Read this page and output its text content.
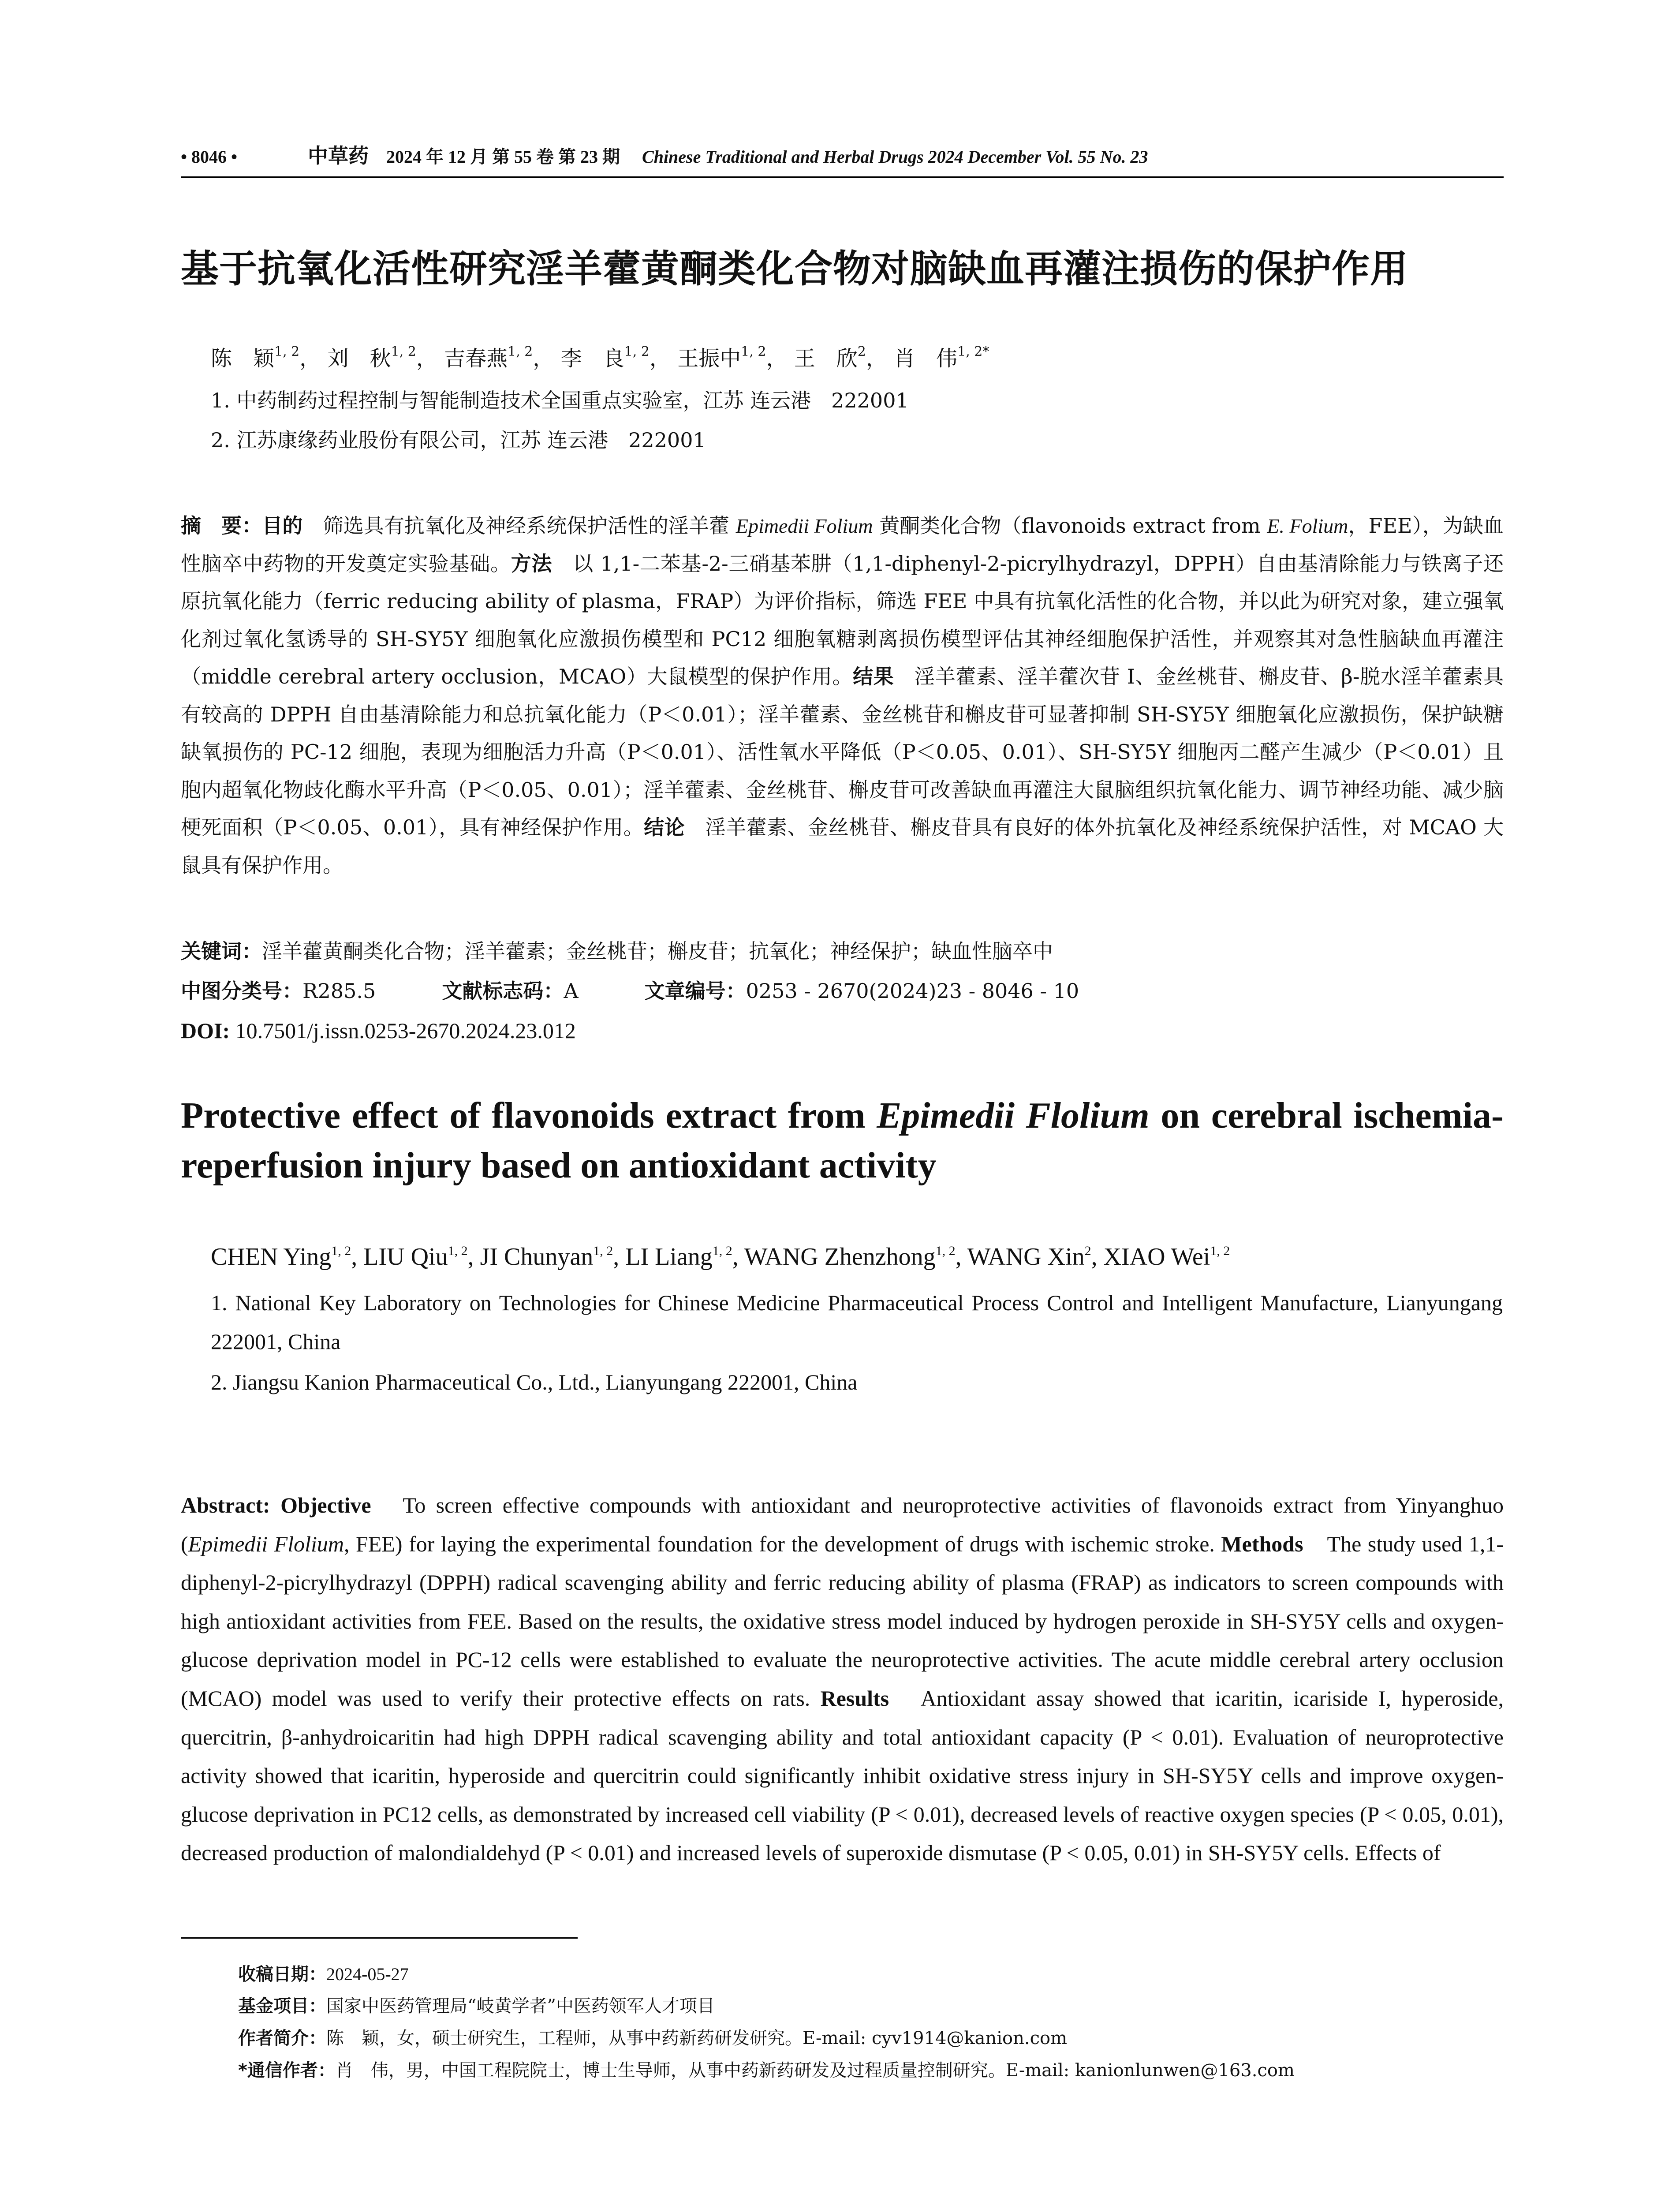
• 8046 •	中草药 2024 年 12 月 第 55 卷 第 23 期 Chinese Traditional and Herbal Drugs 2024 December Vol. 55 No. 23
基于抗氧化活性研究淫羊藿黄酮类化合物对脑缺血再灌注损伤的保护作用
陈　颖$^{1, 2}$， 刘　秋$^{1, 2}$， 吉春燕$^{1, 2}$， 李　良$^{1, 2}$， 王振中$^{1, 2}$， 王　欣$^2$， 肖　伟$^{1, 2*}$
1. 中药制药过程控制与智能制造技术全国重点实验室，江苏 连云港　222001
2. 江苏康缘药业股份有限公司，江苏 连云港　222001
摘　要：目的　筛选具有抗氧化及神经系统保护活性的淫羊藿 Epimedii Folium 黄酮类化合物（flavonoids extract from E. Folium，FEE），为缺血性脑卒中药物的开发奠定实验基础。方法　以 1,1-二苯基-2-三硝基苯肼（1,1-diphenyl-2-picrylhydrazyl，DPPH）自由基清除能力与铁离子还原抗氧化能力（ferric reducing ability of plasma，FRAP）为评价指标，筛选 FEE 中具有抗氧化活性的化合物，并以此为研究对象，建立强氧化剂过氧化氢诱导的 SH-SY5Y 细胞氧化应激损伤模型和 PC12 细胞氧糖剥离损伤模型评估其神经细胞保护活性，并观察其对急性脑缺血再灌注（middle cerebral artery occlusion，MCAO）大鼠模型的保护作用。结果　淫羊藿素、淫羊藿次苷 I、金丝桃苷、槲皮苷、β-脱水淫羊藿素具有较高的 DPPH 自由基清除能力和总抗氧化能力（P＜0.01）；淫羊藿素、金丝桃苷和槲皮苷可显著抑制 SH-SY5Y 细胞氧化应激损伤，保护缺糖缺氧损伤的 PC-12 细胞，表现为细胞活力升高（P＜0.01）、活性氧水平降低（P＜0.05、0.01）、SH-SY5Y 细胞丙二醛产生减少（P＜0.01）且胞内超氧化物歧化酶水平升高（P＜0.05、0.01）；淫羊藿素、金丝桃苷、槲皮苷可改善缺血再灌注大鼠脑组织抗氧化能力、调节神经功能、减少脑梗死面积（P＜0.05、0.01），具有神经保护作用。结论　淫羊藿素、金丝桃苷、槲皮苷具有良好的体外抗氧化及神经系统保护活性，对 MCAO 大鼠具有保护作用。
关键词：淫羊藿黄酮类化合物；淫羊藿素；金丝桃苷；槲皮苷；抗氧化；神经保护；缺血性脑卒中
中图分类号：R285.5	文献标志码：A	文章编号：0253 - 2670(2024)23 - 8046 - 10
DOI: 10.7501/j.issn.0253-2670.2024.23.012
Protective effect of flavonoids extract from Epimedii Flolium on cerebral ischemia-reperfusion injury based on antioxidant activity
CHEN Ying$^{1, 2}$, LIU Qiu$^{1, 2}$, JI Chunyan$^{1, 2}$, LI Liang$^{1, 2}$, WANG Zhenzhong$^{1, 2}$, WANG Xin$^2$, XIAO Wei$^{1, 2}$
1. National Key Laboratory on Technologies for Chinese Medicine Pharmaceutical Process Control and Intelligent Manufacture, Lianyungang 222001, China
2. Jiangsu Kanion Pharmaceutical Co., Ltd., Lianyungang 222001, China
Abstract: Objective　To screen effective compounds with antioxidant and neuroprotective activities of flavonoids extract from Yinyanghuo (Epimedii Flolium, FEE) for laying the experimental foundation for the development of drugs with ischemic stroke. Methods　The study used 1,1-diphenyl-2-picrylhydrazyl (DPPH) radical scavenging ability and ferric reducing ability of plasma (FRAP) as indicators to screen compounds with high antioxidant activities from FEE. Based on the results, the oxidative stress model induced by hydrogen peroxide in SH-SY5Y cells and oxygen-glucose deprivation model in PC-12 cells were established to evaluate the neuroprotective activities. The acute middle cerebral artery occlusion (MCAO) model was used to verify their protective effects on rats. Results　Antioxidant assay showed that icaritin, icariside I, hyperoside, quercitrin, β-anhydroicaritin had high DPPH radical scavenging ability and total antioxidant capacity (P < 0.01). Evaluation of neuroprotective activity showed that icaritin, hyperoside and quercitrin could significantly inhibit oxidative stress injury in SH-SY5Y cells and improve oxygen-glucose deprivation in PC12 cells, as demonstrated by increased cell viability (P < 0.01), decreased levels of reactive oxygen species (P < 0.05, 0.01), decreased production of malondialdehyd (P < 0.01) and increased levels of superoxide dismutase (P < 0.05, 0.01) in SH-SY5Y cells. Effects of
收稿日期：2024-05-27
基金项目：国家中医药管理局“岐黄学者”中医药领军人才项目
作者简介：陈　颖，女，硕士研究生，工程师，从事中药新药研发研究。E-mail: cyv1914@kanion.com
*通信作者：肖　伟，男，中国工程院院士，博士生导师，从事中药新药研发及过程质量控制研究。E-mail: kanionlunwen@163.com
